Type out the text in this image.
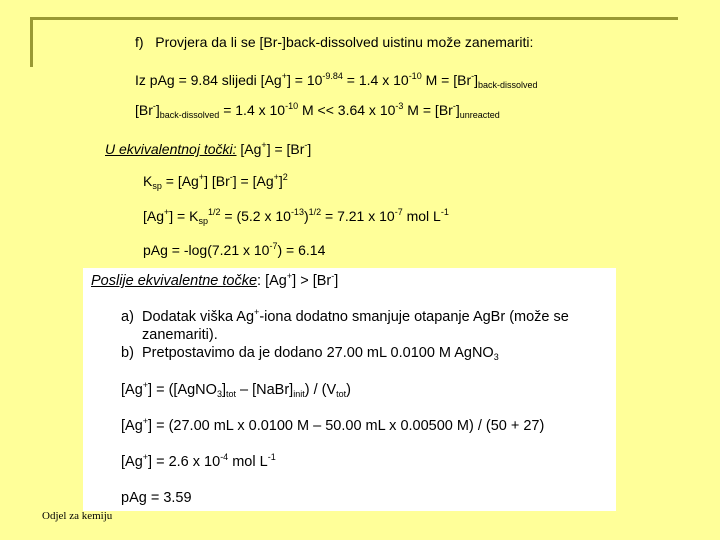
f) Provjera da li se [Br-]back-dissolved uistinu može zanemariti:
Iz pAg = 9.84 slijedi $[Ag^+] = 10^{-9.84} = 1.4$ x $10^{-10}$ $M = [Br^-]_{back-dissolved}$
$[Br^-]_{back-dissolved} = 1.4$ x $10^{-10}$ M << 3.64 x $10^{-3}$ $M = [Br^-]_{unreacted}$
U ekvivalentnoj točki: [Ag+] = [Br-]
$K_{sp} = [Ag^+] [Br^-] = [Ag^+]^2$
$[Ag^+] = K_{sp}^{1/2} = (5.2$ x $10^{-13})^{1/2} = 7.21$ x $10^{-7}$ mol $L^{-1}$
pAg = -log(7.21 x $10^{-7}) = 6.14$
Poslije ekvivalentne točke: [Ag+] > [Br-]
a) Dodatak viška Ag+-iona dodatno smanjuje otapanje AgBr (može se
zanemariti).
b) Pretpostavimo da je dodano 27.00 mL 0.0100 M AgNO$_3$
$[Ag^+] = ([AgNO_3]_{tot}$ – $[NaBr]_{init}) / (V_{tot})$
[Ag+] = (27.00 mL x 0.0100 M – 50.00 mL x 0.00500 M) / (50 + 27)
[Ag+] = 2.6 x $10^{-4}$ mol $L^{-1}$
pAg = 3.59
Odjel za kemiju
